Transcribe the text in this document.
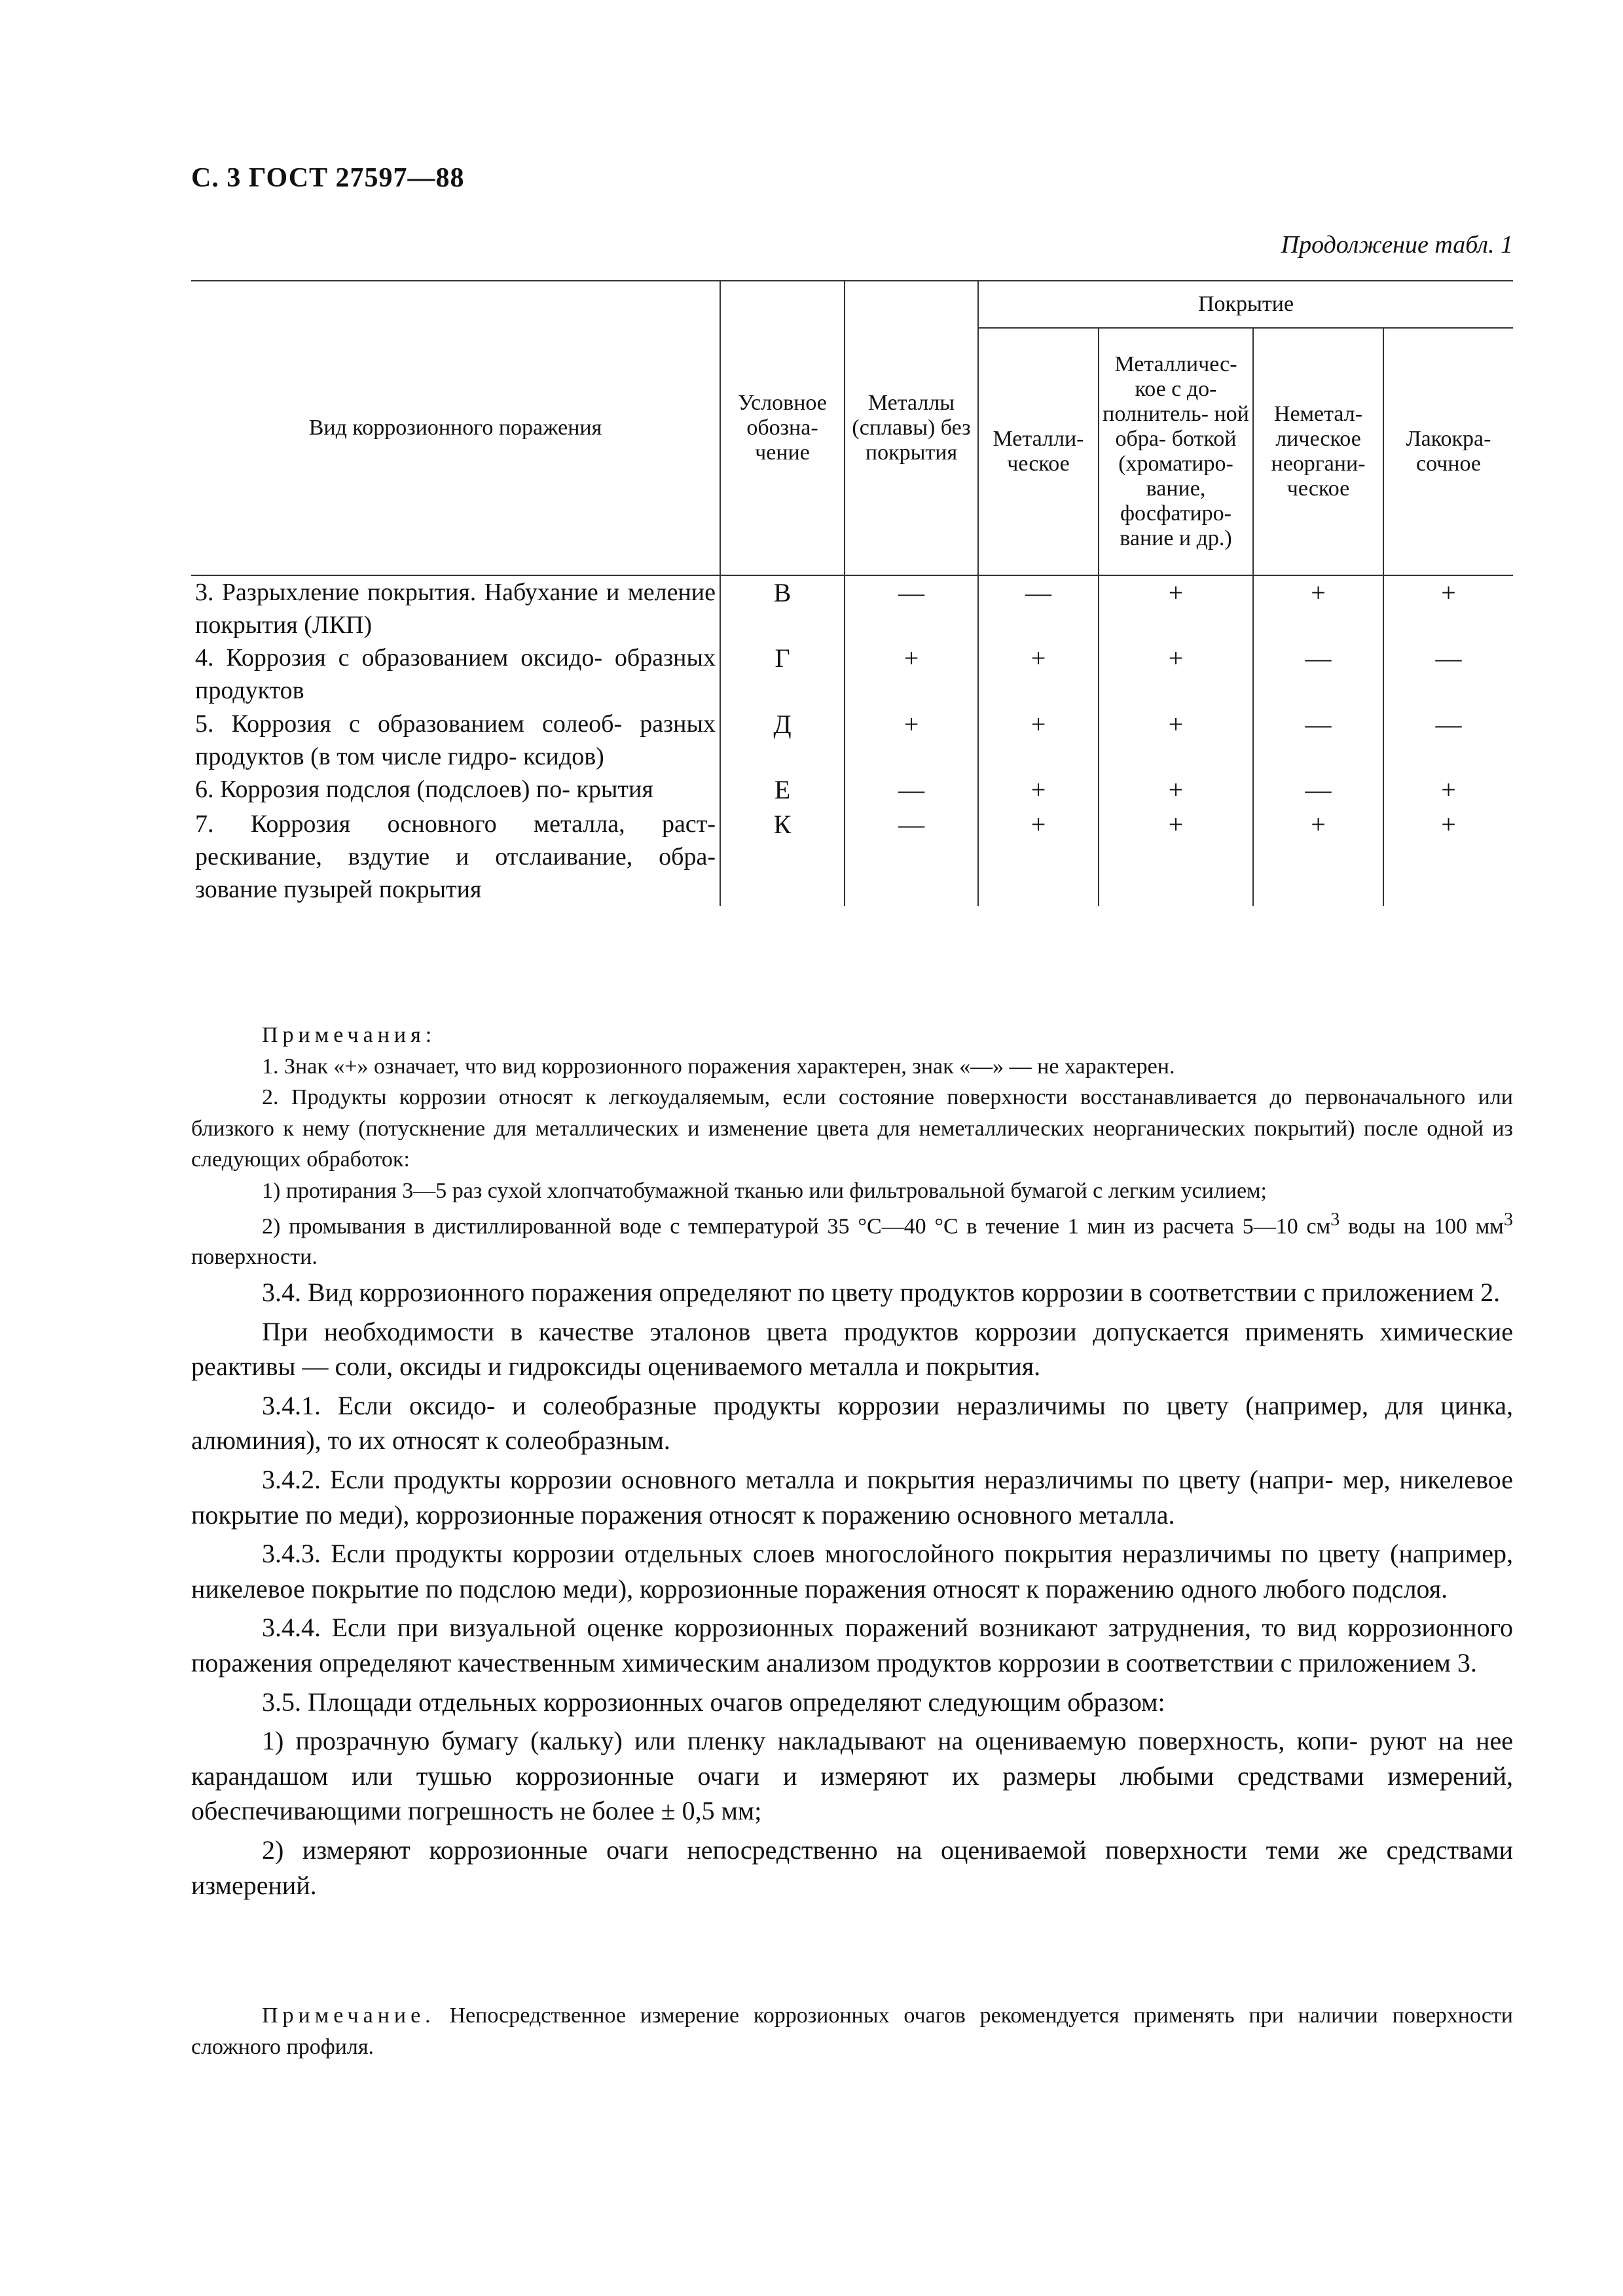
С. 3 ГОСТ 27597—88
Продолжение табл. 1
Вид коррозионного поражения	Условное обозна- чение	Металлы (сплавы) без покрытия	Покрытие			
			Металли- ческое	Металличес- кое с до- полнитель- ной обра- боткой (хроматиро- вание, фосфатиро- вание и др.)	Немeтал- лическое неоргани- ческое	Лакокра- сочное
3. Разрыхление покрытия. Набухание и меление покрытия (ЛКП)	В	—	—	+	+	+
4. Коррозия с образованием оксидо- образных продуктов	Г	+	+	+	—	—
5. Коррозия с образованием солеоб- разных продуктов (в том числе гидро- ксидов)	Д	+	+	+	—	—
6. Коррозия подслоя (подслоев) по- крытия	Е	—	+	+	—	+
7. Коррозия основного металла, раст- рескивание, вздутие и отслаивание, обра- зование пузырей покрытия	К	—	+	+	+	+

Примечания:

1. Знак «+» означает, что вид коррозионного поражения характерен, знак «—» — не характерен.

2. Продукты коррозии относят к легкоудаляемым, если состояние поверхности восстанавливается до первоначального или близкого к нему (потускнение для металлических и изменение цвета для неметаллических неорганических покрытий) после одной из следующих обработок:

1) протирания 3—5 раз сухой хлопчатобумажной тканью или фильтровальной бумагой с легким усилием;

2) промывания в дистиллированной воде с температурой 35 °С—40 °С в течение 1 мин из расчета 5—10 $см^3$ воды на 100 $мм^3$ поверхности.

3.4. Вид коррозионного поражения определяют по цвету продуктов коррозии в соответствии с приложением 2.

При необходимости в качестве эталонов цвета продуктов коррозии допускается применять химические реактивы — соли, оксиды и гидроксиды оцениваемого металла и покрытия.

3.4.1. Если оксидо- и солеобразные продукты коррозии неразличимы по цвету (например, для цинка, алюминия), то их относят к солеобразным.

3.4.2. Если продукты коррозии основного металла и покрытия неразличимы по цвету (напри- мер, никелевое покрытие по меди), коррозионные поражения относят к поражению основного металла.

3.4.3. Если продукты коррозии отдельных слоев многослойного покрытия неразличимы по цвету (например, никелевое покрытие по подслою меди), коррозионные поражения относят к поражению одного любого подслоя.

3.4.4. Если при визуальной оценке коррозионных поражений возникают затруднения, то вид коррозионного поражения определяют качественным химическим анализом продуктов коррозии в соответствии с приложением 3.

3.5. Площади отдельных коррозионных очагов определяют следующим образом:

1) прозрачную бумагу (кальку) или пленку накладывают на оцениваемую поверхность, копи- руют на нее карандашом или тушью коррозионные очаги и измеряют их размеры любыми средствами измерений, обеспечивающими погрешность не более ± 0,5 мм;

2) измеряют коррозионные очаги непосредственно на оцениваемой поверхности теми же средствами измерений.

Примечание. Непосредственное измерение коррозионных очагов рекомендуется применять при наличии поверхности сложного профиля.
